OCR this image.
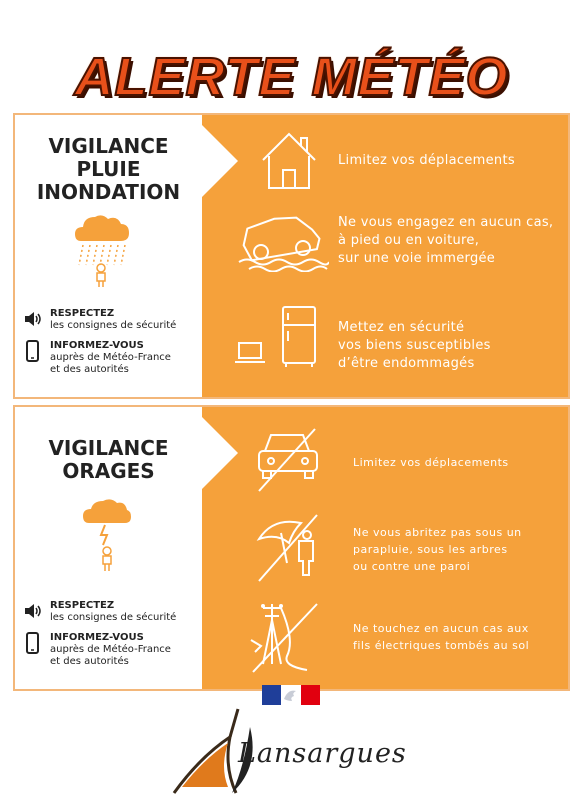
ALERTE MÉTÉO
VIGILANCE
PLUIE
INONDATION
RESPECTEZ
les consignes de sécurité
INFORMEZ-VOUS
auprès de Météo-France
et des autorités
Limitez vos déplacements
Ne vous engagez en aucun cas,
à pied ou en voiture,
sur une voie immergée
Mettez en sécurité
vos biens susceptibles
d’être endommagés
VIGILANCE
ORAGES
RESPECTEZ
les consignes de sécurité
INFORMEZ-VOUS
auprès de Météo-France
et des autorités
Limitez vos déplacements
Ne vous abritez pas sous un
parapluie, sous les arbres
ou contre une paroi
Ne touchez en aucun cas aux
fils électriques tombés au sol
Lansargues
